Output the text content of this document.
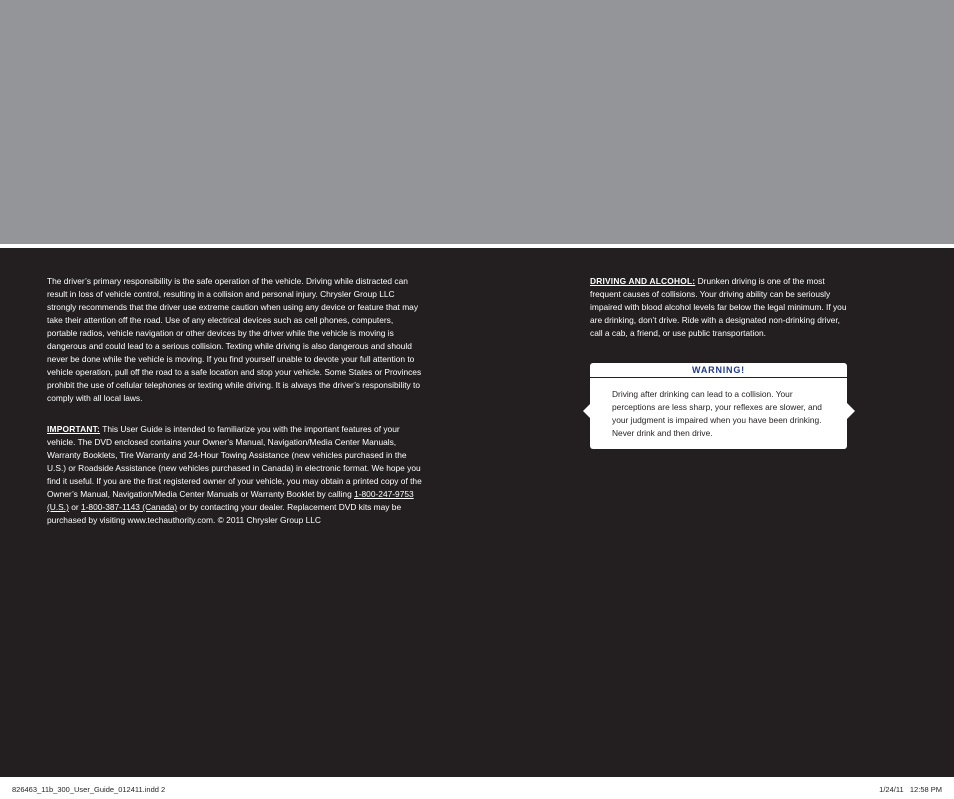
The driver’s primary responsibility is the safe operation of the vehicle. Driving while distracted can result in loss of vehicle control, resulting in a collision and personal injury. Chrysler Group LLC strongly recommends that the driver use extreme caution when using any device or feature that may take their attention off the road. Use of any electrical devices such as cell phones, computers, portable radios, vehicle navigation or other devices by the driver while the vehicle is moving is dangerous and could lead to a serious collision. Texting while driving is also dangerous and should never be done while the vehicle is moving. If you find yourself unable to devote your full attention to vehicle operation, pull off the road to a safe location and stop your vehicle. Some States or Provinces prohibit the use of cellular telephones or texting while driving. It is always the driver’s responsibility to comply with all local laws.

IMPORTANT: This User Guide is intended to familiarize you with the important features of your vehicle. The DVD enclosed contains your Owner’s Manual, Navigation/Media Center Manuals, Warranty Booklets, Tire Warranty and 24-Hour Towing Assistance (new vehicles purchased in the U.S.) or Roadside Assistance (new vehicles purchased in Canada) in electronic format. We hope you find it useful. If you are the first registered owner of your vehicle, you may obtain a printed copy of the Owner’s Manual, Navigation/Media Center Manuals or Warranty Booklet by calling 1-800-247-9753 (U.S.) or 1-800-387-1143 (Canada) or by contacting your dealer. Replacement DVD kits may be purchased by visiting www.techauthority.com. © 2011 Chrysler Group LLC

DRIVING AND ALCOHOL: Drunken driving is one of the most frequent causes of collisions. Your driving ability can be seriously impaired with blood alcohol levels far below the legal minimum. If you are drinking, don’t drive. Ride with a designated non-drinking driver, call a cab, a friend, or use public transportation.

WARNING!
Driving after drinking can lead to a collision. Your perceptions are less sharp, your reflexes are slower, and your judgment is impaired when you have been drinking. Never drink and then drive.
826463_11b_300_User_Guide_012411.indd 2	1/24/11   12:58 PM
